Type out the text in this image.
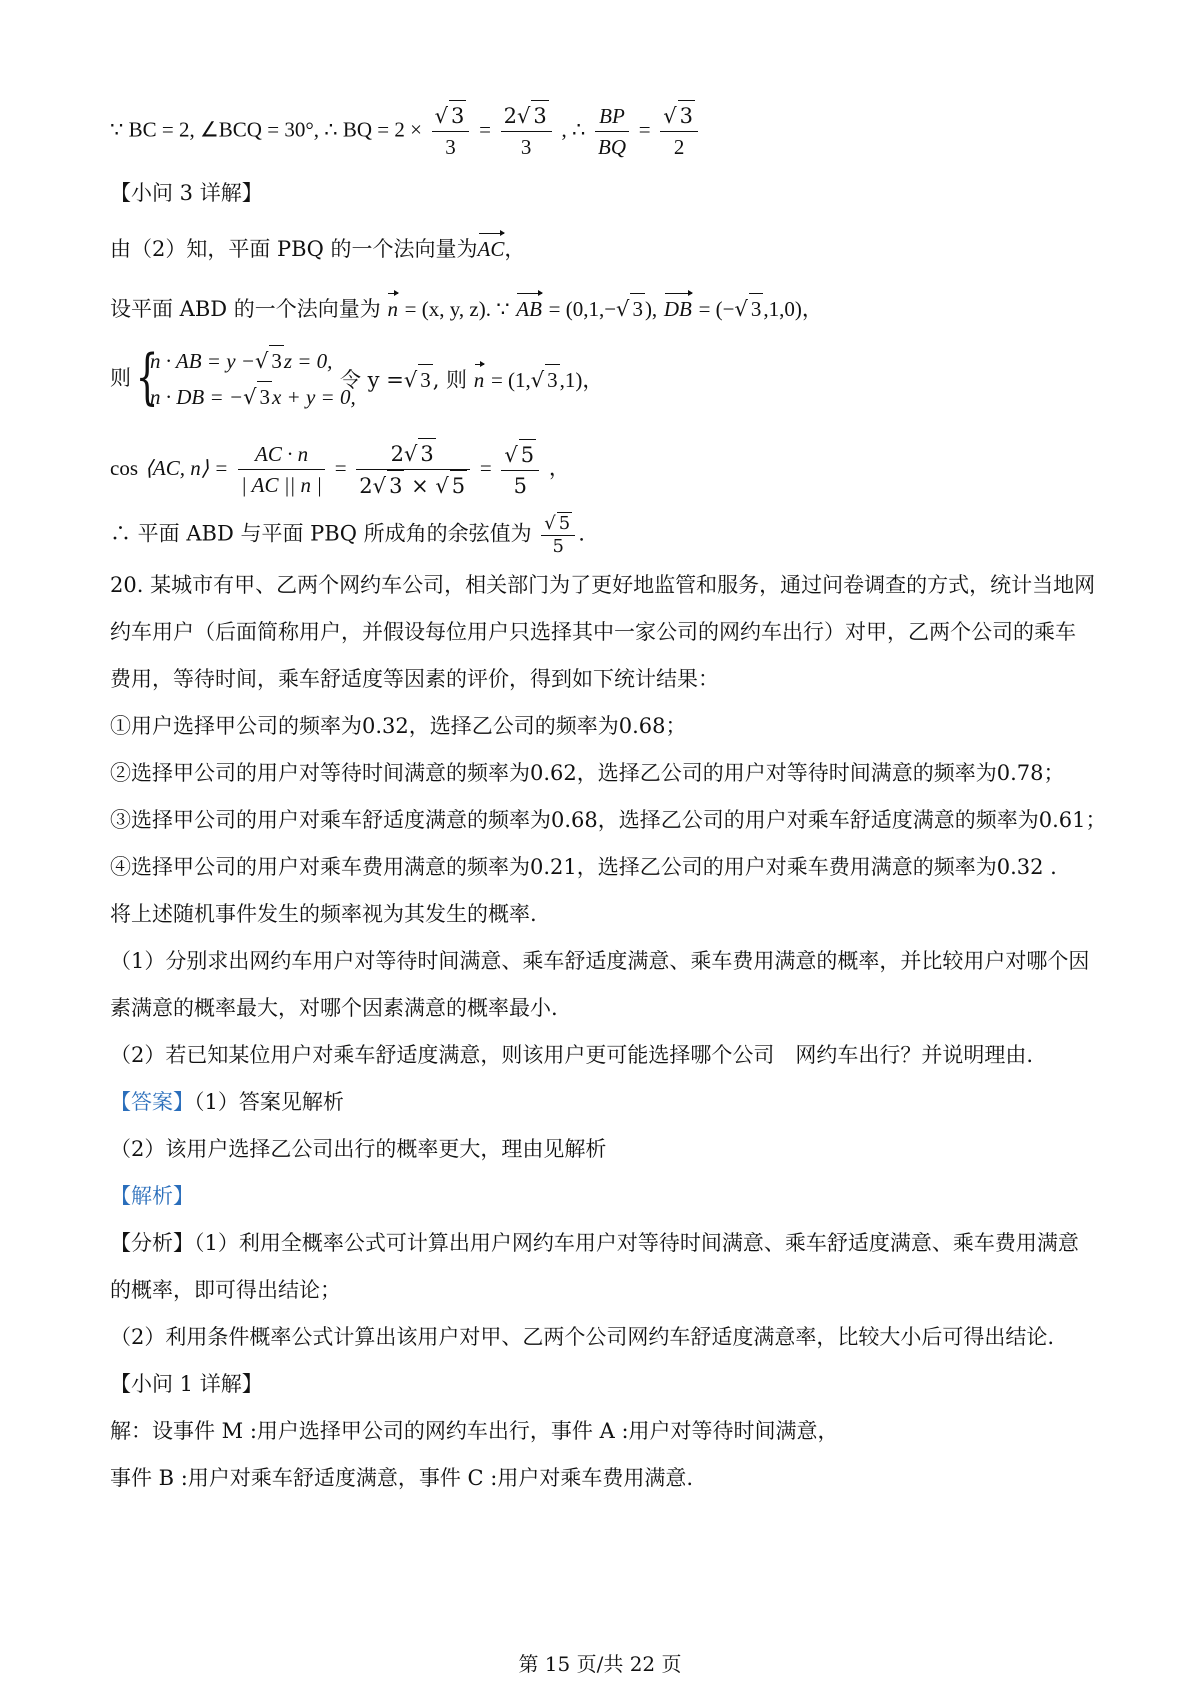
∵ BC = 2, ∠BCQ = 30°, ∴ BQ = $2 \times \frac{√ 3}{3} = \frac{2√ 3}{3}$ , ∴ $\frac{BP}{BQ} = \frac{√ 3}{2}$
【小问 3 详解】
由（2）知，平面 PBQ 的一个法向量为AC，
设平面 ABD 的一个法向量为 n = (x, y, z). ∵ AB = (0,1,−√ 3), DB = (−√ 3,1,0)，
则 {
n · AB = y −√ 3z = 0,
n · DB = −√ 3x + y = 0,
令 y =√ 3, 则 n = (1,√ 3,1)，
cos ⟨AC, n⟩ = $\frac{AC \cdot n}{| AC || n |} = \frac{2√ 3}{2√ 3 \times √ 5} = \frac{√ 5}{5}$ ，
∴ 平面 ABD 与平面 PBQ 所成角的余弦值为 $\frac{√ 5}{5}$ .
20. 某城市有甲、乙两个网约车公司，相关部门为了更好地监管和服务，通过问卷调查的方式，统计当地网
约车用户（后面简称用户，并假设每位用户只选择其中一家公司的网约车出行）对甲，乙两个公司的乘车
费用，等待时间，乘车舒适度等因素的评价，得到如下统计结果：
①用户选择甲公司的频率为0.32，选择乙公司的频率为0.68；
②选择甲公司的用户对等待时间满意的频率为0.62，选择乙公司的用户对等待时间满意的频率为0.78；
③选择甲公司的用户对乘车舒适度满意的频率为0.68，选择乙公司的用户对乘车舒适度满意的频率为0.61；
④选择甲公司的用户对乘车费用满意的频率为0.21，选择乙公司的用户对乘车费用满意的频率为0.32 .
将上述随机事件发生的频率视为其发生的概率.
（1）分别求出网约车用户对等待时间满意、乘车舒适度满意、乘车费用满意的概率，并比较用户对哪个因
素满意的概率最大，对哪个因素满意的概率最小.
（2）若已知某位用户对乘车舒适度满意，则该用户更可能选择哪个公司　网约车出行？并说明理由.
【答案】（1）答案见解析
（2）该用户选择乙公司出行的概率更大，理由见解析
【解析】
【分析】（1）利用全概率公式可计算出用户网约车用户对等待时间满意、乘车舒适度满意、乘车费用满意
的概率，即可得出结论；
（2）利用条件概率公式计算出该用户对甲、乙两个公司网约车舒适度满意率，比较大小后可得出结论.
【小问 1 详解】
解：设事件 M :用户选择甲公司的网约车出行，事件 A :用户对等待时间满意，
事件 B :用户对乘车舒适度满意，事件 C :用户对乘车费用满意.
第 15 页/共 22 页
